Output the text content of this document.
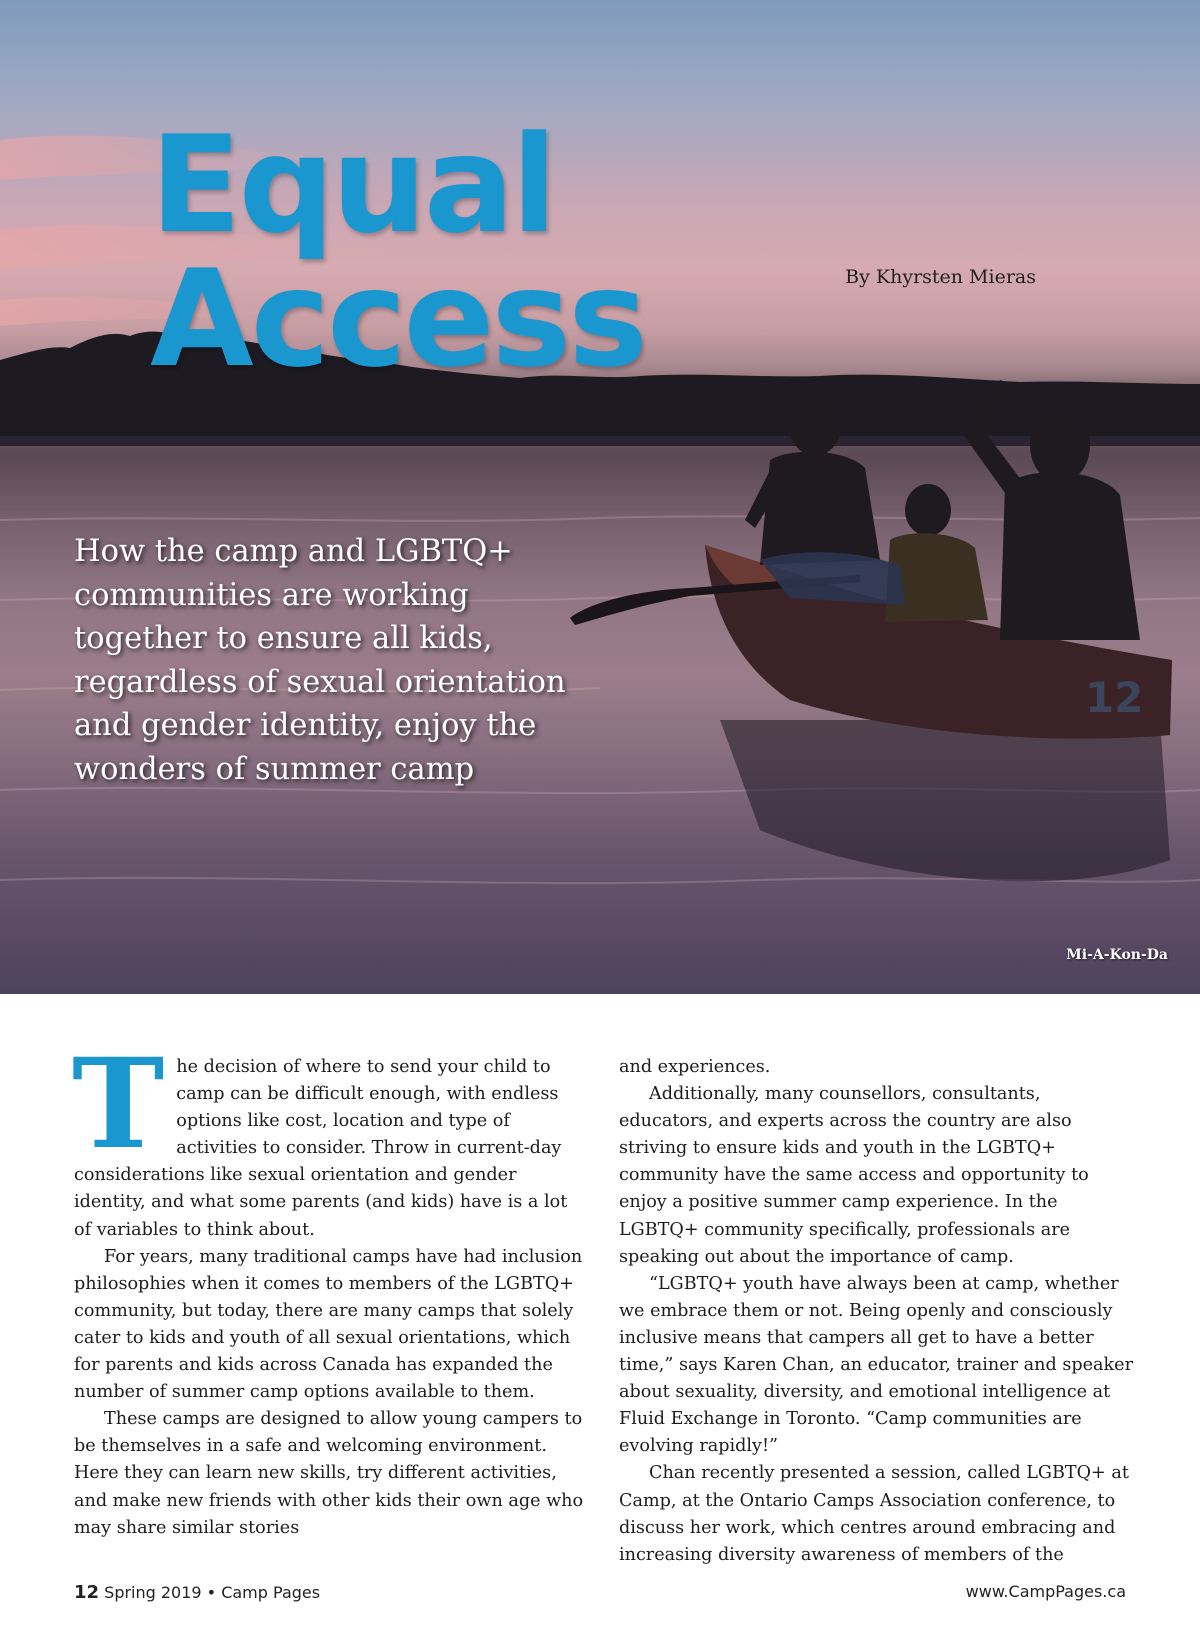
12
Equal Access	By Khyrsten Mieras
How the camp and LGBTQ+ communities are working together to ensure all kids, regardless of sexual orientation and gender identity, enjoy the wonders of summer camp
Mi-A-Kon-Da
T he decision of where to send your child to camp can be difficult enough, with endless options like cost, location and type of activities to consider. Throw in current-day considerations like sexual orientation and gender identity, and what some parents (and kids) have is a lot of variables to think about.

For years, many traditional camps have had inclusion philosophies when it comes to members of the LGBTQ+ community, but today, there are many camps that solely cater to kids and youth of all sexual orientations, which for parents and kids across Canada has expanded the number of summer camp options available to them.

These camps are designed to allow young campers to be themselves in a safe and welcoming environment. Here they can learn new skills, try different activities, and make new friends with other kids their own age who may share similar stories

and experiences.

Additionally, many counsellors, consultants, educators, and experts across the country are also striving to ensure kids and youth in the LGBTQ+ community have the same access and opportunity to enjoy a positive summer camp experience. In the LGBTQ+ community specifically, professionals are speaking out about the importance of camp.

“LGBTQ+ youth have always been at camp, whether we embrace them or not. Being openly and consciously inclusive means that campers all get to have a better time,” says Karen Chan, an educator, trainer and speaker about sexuality, diversity, and emotional intelligence at Fluid Exchange in Toronto. “Camp communities are evolving rapidly!”

Chan recently presented a session, called LGBTQ+ at Camp, at the Ontario Camps Association conference, to discuss her work, which centres around embracing and increasing diversity awareness of members of the

12 Spring 2019 • Camp Pages	www.CampPages.ca
